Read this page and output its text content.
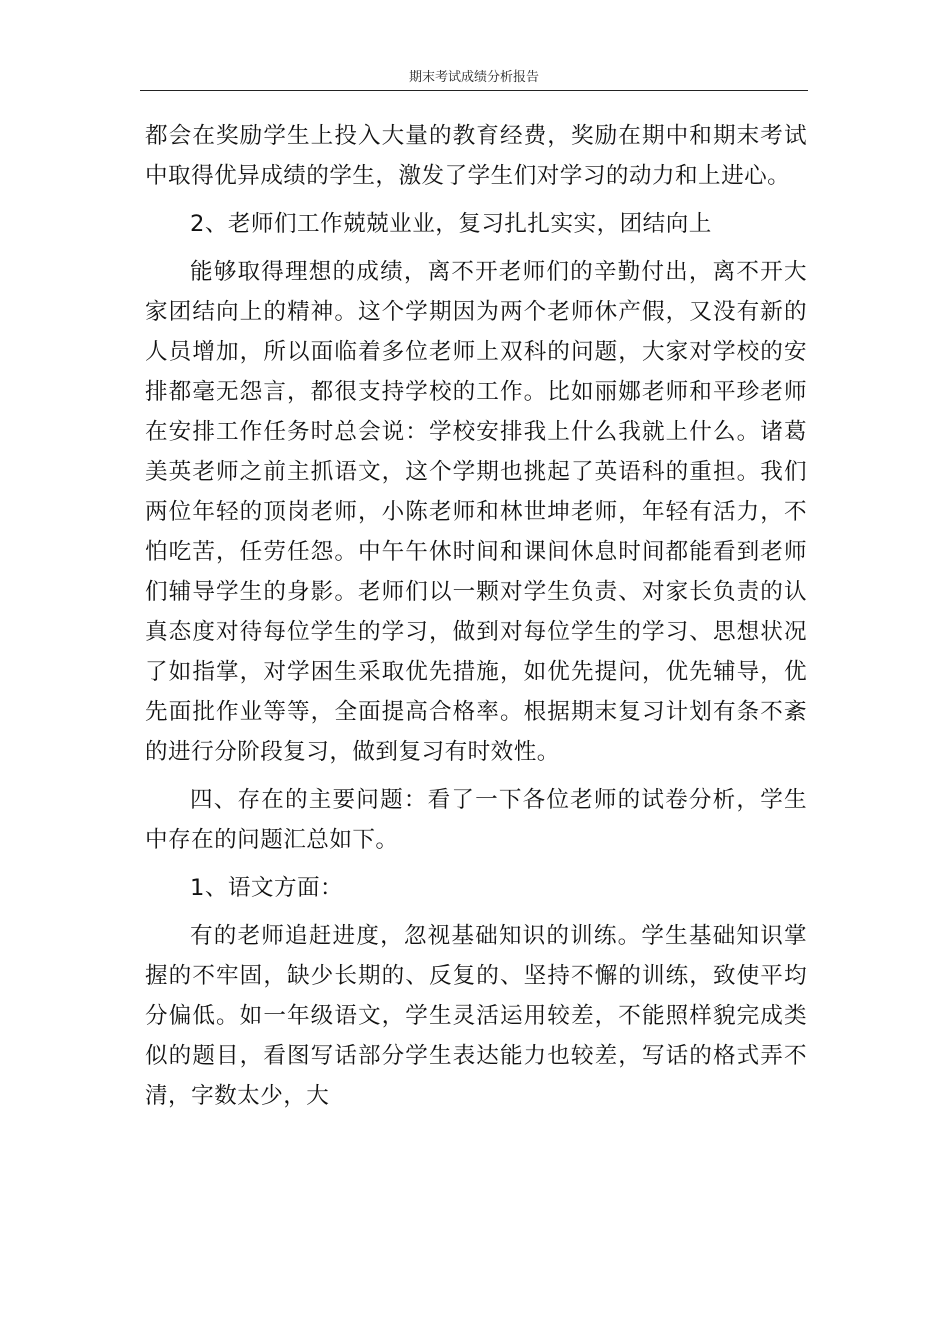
期末考试成绩分析报告

都会在奖励学生上投入大量的教育经费，奖励在期中和期末考试中取得优异成绩的学生，激发了学生们对学习的动力和上进心。

2、老师们工作兢兢业业，复习扎扎实实，团结向上

能够取得理想的成绩，离不开老师们的辛勤付出，离不开大家团结向上的精神。这个学期因为两个老师休产假，又没有新的人员增加，所以面临着多位老师上双科的问题，大家对学校的安排都毫无怨言，都很支持学校的工作。比如丽娜老师和平珍老师在安排工作任务时总会说：学校安排我上什么我就上什么。诸葛美英老师之前主抓语文，这个学期也挑起了英语科的重担。我们两位年轻的顶岗老师，小陈老师和林世坤老师，年轻有活力，不怕吃苦，任劳任怨。中午午休时间和课间休息时间都能看到老师们辅导学生的身影。老师们以一颗对学生负责、对家长负责的认真态度对待每位学生的学习，做到对每位学生的学习、思想状况了如指掌，对学困生采取优先措施，如优先提问，优先辅导，优先面批作业等等，全面提高合格率。根据期末复习计划有条不紊的进行分阶段复习，做到复习有时效性。

四、存在的主要问题：看了一下各位老师的试卷分析，学生中存在的问题汇总如下。

1、语文方面：

有的老师追赶进度，忽视基础知识的训练。学生基础知识掌握的不牢固，缺少长期的、反复的、坚持不懈的训练，致使平均分偏低。如一年级语文，学生灵活运用较差，不能照样貌完成类似的题目，看图写话部分学生表达能力也较差，写话的格式弄不清，字数太少，大
